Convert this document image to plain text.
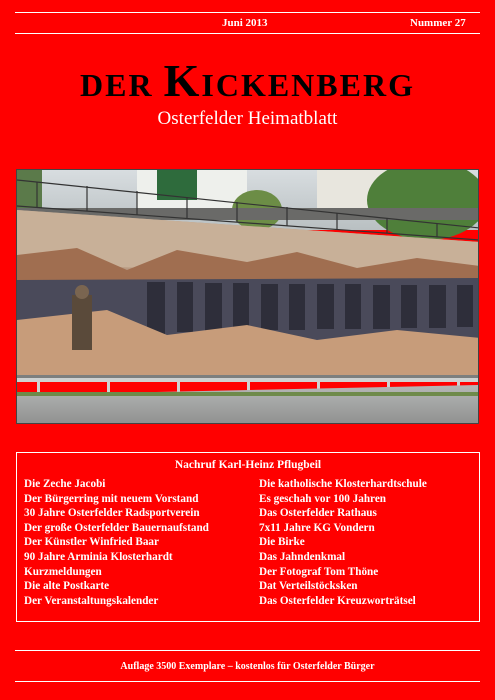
Juni 2013	Nummer 27
DER KICKENBERG
Osterfelder Heimatblatt
Nachruf Karl-Heinz Pflugbeil
Die Zeche Jacobi
Der Bürgerring mit neuem Vorstand
30 Jahre Osterfelder Radsportverein
Der große Osterfelder Bauernaufstand
Der Künstler Winfried Baar
90 Jahre Arminia Klosterhardt
Kurzmeldungen
Die alte Postkarte
Der Veranstaltungskalender
Die katholische Klosterhardtschule
Es geschah vor 100 Jahren
Das Osterfelder Rathaus
7x11 Jahre KG Vondern
Die Birke
Das Jahndenkmal
Der Fotograf Tom Thöne
Dat Verteilstöcksken
Das Osterfelder Kreuzworträtsel
Auflage 3500 Exemplare – kostenlos für Osterfelder Bürger
